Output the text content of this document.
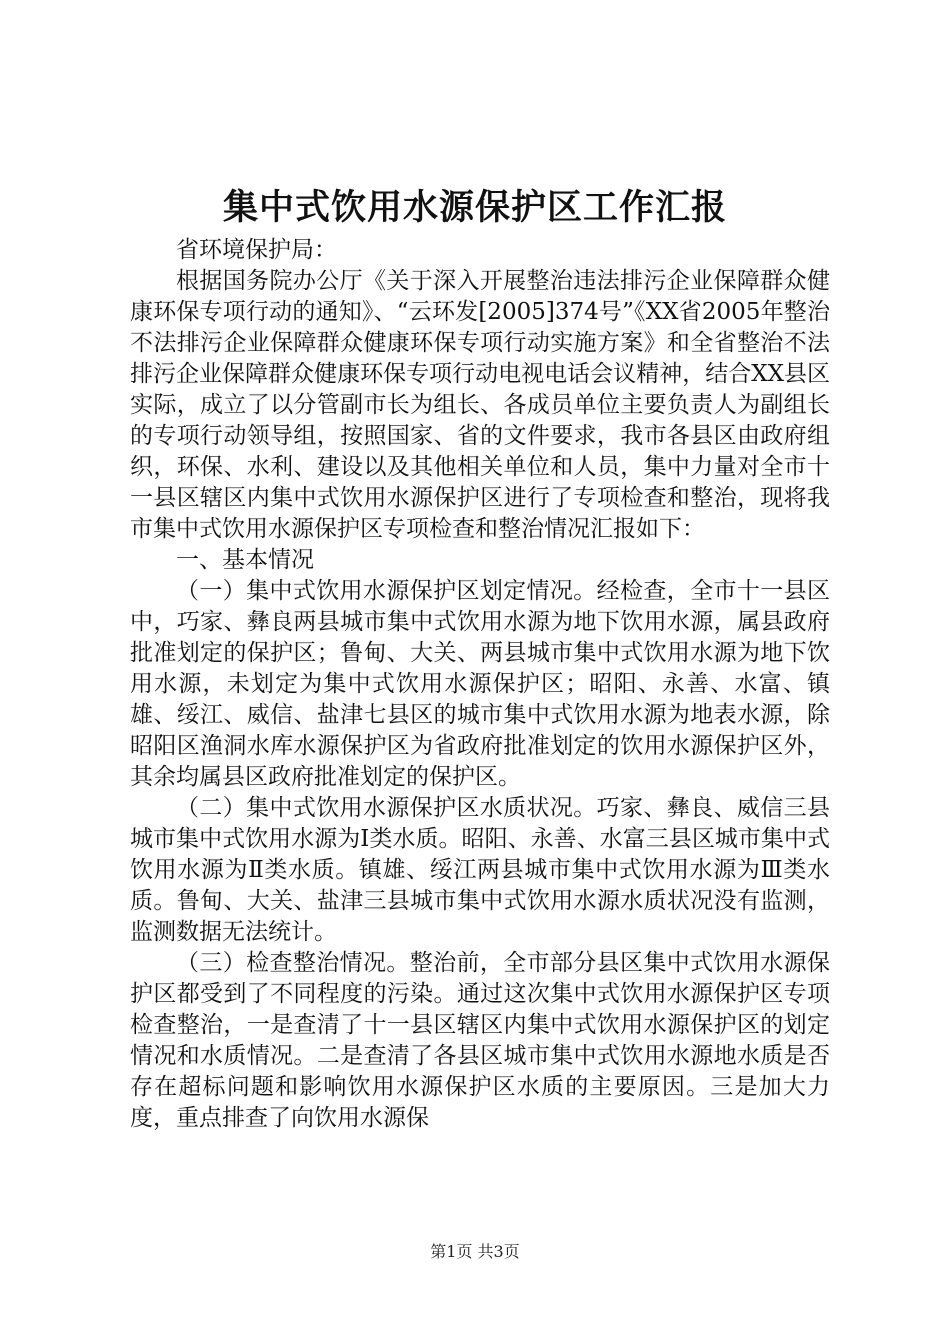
集中式饮用水源保护区工作汇报

省环境保护局：

根据国务院办公厅《关于深入开展整治违法排污企业保障群众健康环保专项行动的通知》、“云环发[2005]374号”《XX省2005年整治不法排污企业保障群众健康环保专项行动实施方案》和全省整治不法排污企业保障群众健康环保专项行动电视电话会议精神，结合XX县区实际，成立了以分管副市长为组长、各成员单位主要负责人为副组长的专项行动领导组，按照国家、省的文件要求，我市各县区由政府组织，环保、水利、建设以及其他相关单位和人员，集中力量对全市十一县区辖区内集中式饮用水源保护区进行了专项检查和整治，现将我市集中式饮用水源保护区专项检查和整治情况汇报如下：

一、基本情况

（一）集中式饮用水源保护区划定情况。经检查，全市十一县区中，巧家、彝良两县城市集中式饮用水源为地下饮用水源，属县政府批准划定的保护区；鲁甸、大关、两县城市集中式饮用水源为地下饮用水源，未划定为集中式饮用水源保护区；昭阳、永善、水富、镇雄、绥江、威信、盐津七县区的城市集中式饮用水源为地表水源，除昭阳区渔洞水库水源保护区为省政府批准划定的饮用水源保护区外，其余均属县区政府批准划定的保护区。

（二）集中式饮用水源保护区水质状况。巧家、彝良、威信三县城市集中式饮用水源为Ⅰ类水质。昭阳、永善、水富三县区城市集中式饮用水源为Ⅱ类水质。镇雄、绥江两县城市集中式饮用水源为Ⅲ类水质。鲁甸、大关、盐津三县城市集中式饮用水源水质状况没有监测，监测数据无法统计。

（三）检查整治情况。整治前，全市部分县区集中式饮用水源保护区都受到了不同程度的污染。通过这次集中式饮用水源保护区专项检查整治，一是查清了十一县区辖区内集中式饮用水源保护区的划定情况和水质情况。二是查清了各县区城市集中式饮用水源地水质是否存在超标问题和影响饮用水源保护区水质的主要原因。三是加大力度，重点排查了向饮用水源保

第1页 共3页
